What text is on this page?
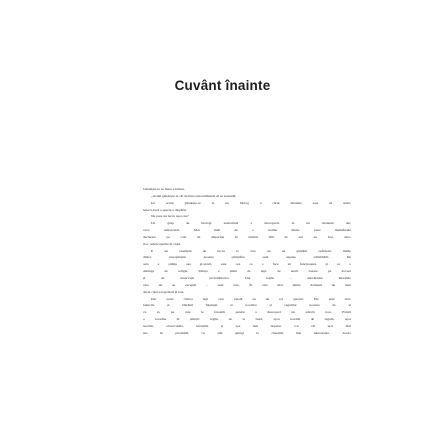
Cuvânt înainte

Gândește-te ce mare e lumea.

„Acum gândește-te cât de bine știu animalele să se ascundă.

Iar acum gândește-te la un biolog a cărui misiune este să stabi-

lească dacă o specie a dispărut.

Nu pare un lucru ușor, nu?

Un grup de biologi australieni a descoperit, la un moment dat,

ceva remarcabil. Mai mult de o treime dintre toate mamiferele

declarate pe cale de dispariție în ultimii 500 de ani au fost, ulte-

rior, redescoperite în viață.

E un exemplu de lucru la care nu ne gândim suficient: multe

dintre cunoștințele noastre științifice sunt supuse schimbării. De

asta e știința așa grozavă, este cea ce o face să funcționeze și ce o

distinge de religie. Știința e plină de legi, de teorii bazate pe dovezi

și de observații probabilistice. Dar legile – adevărurile imuabile

care nu au excepții – sunt rare. În cele mai multe domenii nu sunt

decât câteva legi mari și late.

Dar acele câteva legi care există au un rol special. Ele sunt stră-

bunicile și bătrânii înțelepți ai teoriilor și regulilor noastre de zi

cu zi, pe care le folosim pentru a descoperi un adevăr nou. Există

o ierarhie în știință: legile de la bază, apoi teoriile de regulă, apoi

teoriile, observațiile, intuițiile și așa mai departe. Cu cât urci mai

sus în piramidă, cu atât ajungi la chestiile mai interesante. Acolo
